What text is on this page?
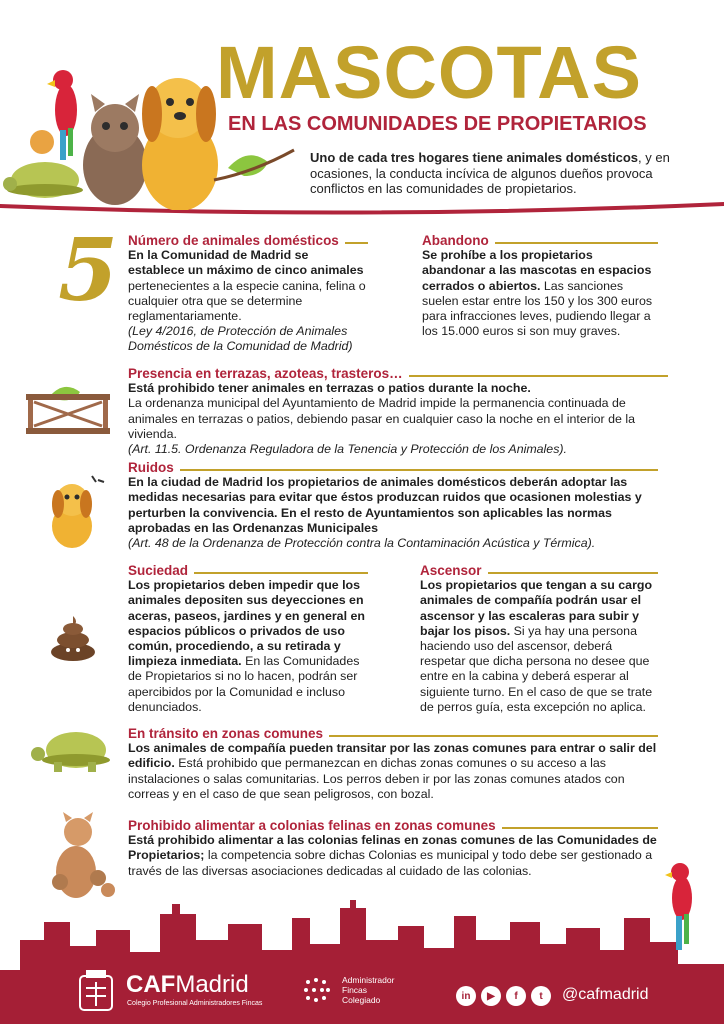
MASCOTAS
EN LAS COMUNIDADES DE PROPIETARIOS
Uno de cada tres hogares tiene animales domésticos, y en ocasiones, la conducta incívica de algunos dueños provoca conflictos en las comunidades de propietarios.
5 Número de animales domésticos

En la Comunidad de Madrid se establece un máximo de cinco animales pertenecientes a la especie canina, felina o cualquier otra que se determine reglamentariamente.

(Ley 4/2016, de Protección de Animales Domésticos de la Comunidad de Madrid)

Abandono

Se prohíbe a los propietarios abandonar a las mascotas en espacios cerrados o abiertos. Las sanciones suelen estar entre los 150 y los 300 euros para infracciones leves, pudiendo llegar a los 15.000 euros si son muy graves.

Presencia en terrazas, azoteas, trasteros…

Está prohibido tener animales en terrazas o patios durante la noche.

La ordenanza municipal del Ayuntamiento de Madrid impide la permanencia continuada de animales en terrazas o patios, debiendo pasar en cualquier caso la noche en el interior de la vivienda.

(Art. 11.5. Ordenanza Reguladora de la Tenencia y Protección de los Animales).

Ruidos

En la ciudad de Madrid los propietarios de animales domésticos deberán adoptar las medidas necesarias para evitar que éstos produzcan ruidos que ocasionen molestias y perturben la convivencia. En el resto de Ayuntamientos son aplicables las normas aprobadas en las Ordenanzas Municipales

(Art. 48 de la Ordenanza de Protección contra la Contaminación Acústica y Térmica).

Suciedad

Los propietarios deben impedir que los animales depositen sus deyecciones en aceras, paseos, jardines y en general en espacios públicos o privados de uso común, procediendo, a su retirada y limpieza inmediata. En las Comunidades de Propietarios si no lo hacen, podrán ser apercibidos por la Comunidad e incluso denunciados.

Ascensor

Los propietarios que tengan a su cargo animales de compañía podrán usar el ascensor y las escaleras para subir y bajar los pisos. Si ya hay una persona haciendo uso del ascensor, deberá respetar que dicha persona no desee que entre en la cabina y deberá esperar al siguiente turno. En el caso de que se trate de perros guía, esta excepción no aplica.

En tránsito en zonas comunes

Los animales de compañía pueden transitar por las zonas comunes para entrar o salir del edificio. Está prohibido que permanezcan en dichas zonas comunes o su acceso a las instalaciones o salas comunitarias. Los perros deben ir por las zonas comunes atados con correas y en el caso de que sean peligrosos, con bozal.

Prohibido alimentar a colonias felinas en zonas comunes

Está prohibido alimentar a las colonias felinas en zonas comunes de las Comunidades de Propietarios; la competencia sobre dichas Colonias es municipal y todo debe ser gestionado a través de las diversas asociaciones dedicadas al cuidado de las colonias.

CAFMadrid
Colegio Profesional Administradores Fincas
Administrador
Fincas
Colegiado	in	▶	f	t	@cafmadrid
